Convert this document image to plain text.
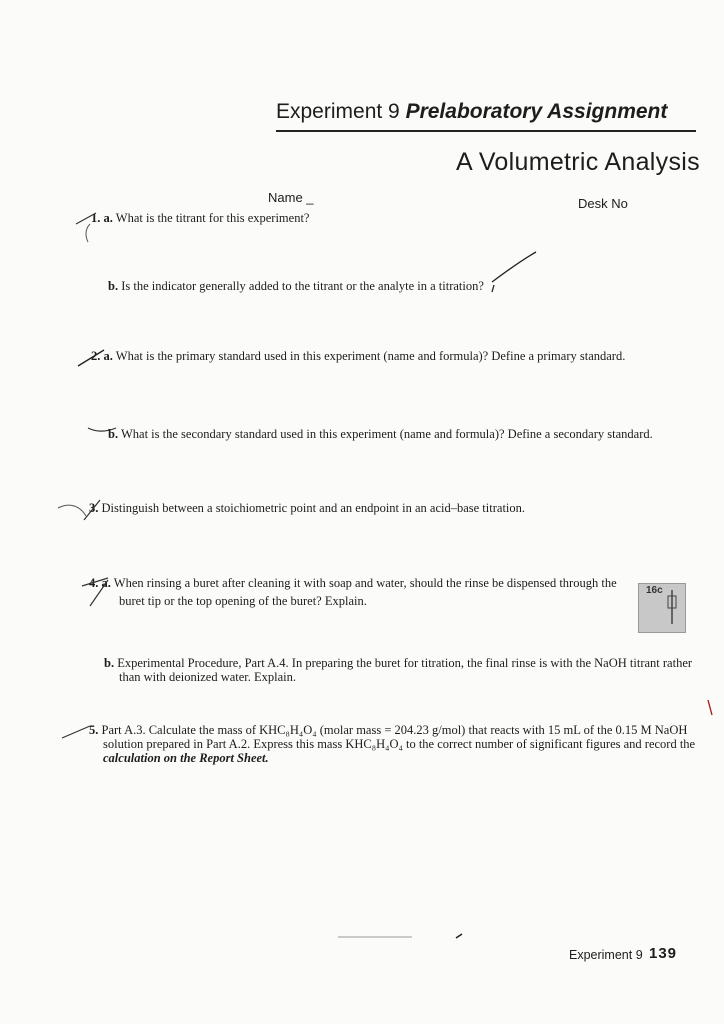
Experiment 9 Prelaboratory Assignment
A Volumetric Analysis
Name _	Desk No
1. a. What is the titrant for this experiment?
b. Is the indicator generally added to the titrant or the analyte in a titration?
2. a. What is the primary standard used in this experiment (name and formula)? Define a primary standard.
b. What is the secondary standard used in this experiment (name and formula)? Define a secondary standard.
3. Distinguish between a stoichiometric point and an endpoint in an acid–base titration.
4. a. When rinsing a buret after cleaning it with soap and water, should the rinse be dispensed through the
buret tip or the top opening of the buret? Explain.
16c
b. Experimental Procedure, Part A.4. In preparing the buret for titration, the final rinse is with the NaOH titrant rather
than with deionized water. Explain.
5. Part A.3. Calculate the mass of KHC₈H₄O₄ (molar mass = 204.23 g/mol) that reacts with 15 mL of the 0.15 M NaOH
solution prepared in Part A.2. Express this mass KHC₈H₄O₄ to the correct number of significant figures and record the
calculation on the Report Sheet.
Experiment 9 139
